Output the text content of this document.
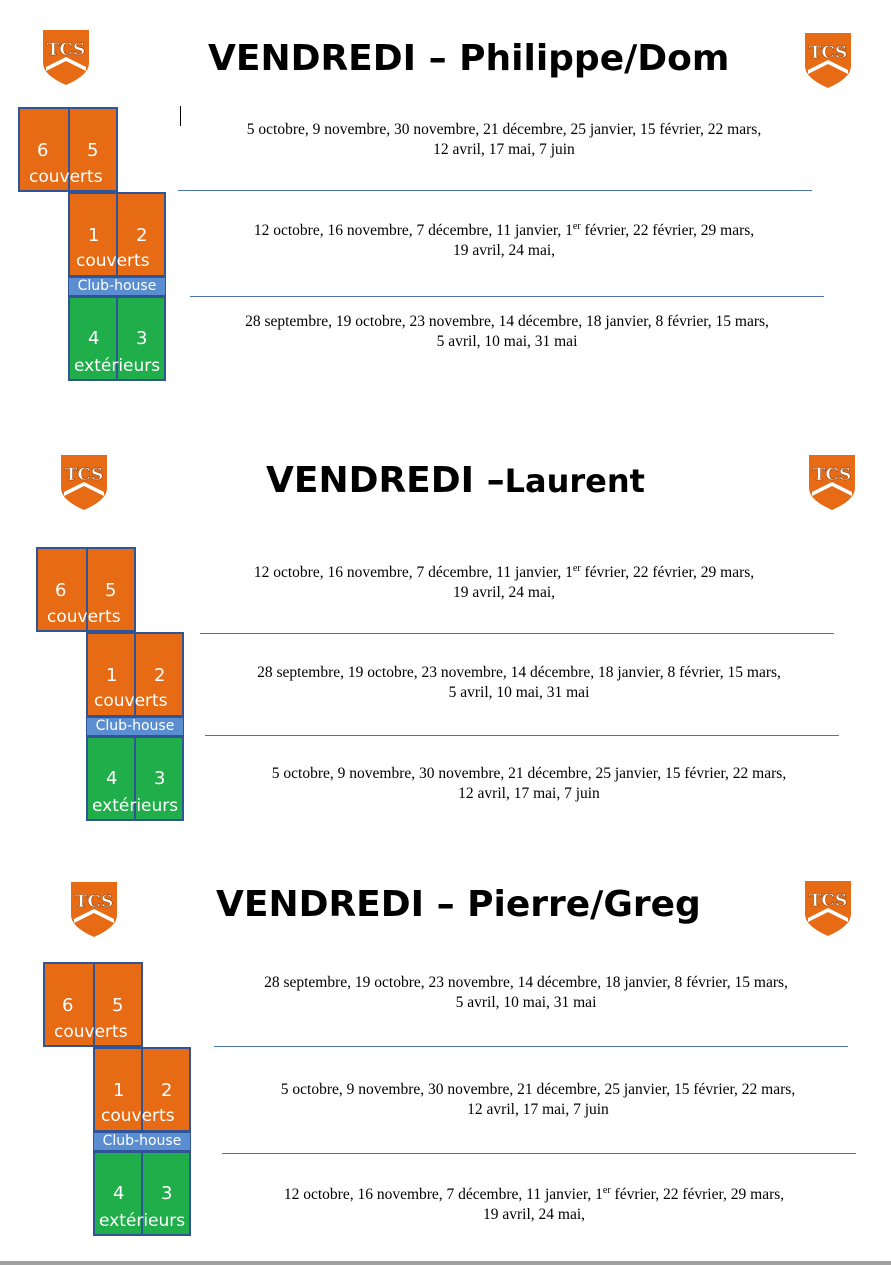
TCS	TCS
VENDREDI – Philippe/Dom
6 5
couverts
1 2
couverts
Club-house
4 3
extérieurs
5 octobre, 9 novembre, 30 novembre, 21 décembre, 25 janvier, 15 février, 22 mars,
12 avril, 17 mai, 7 juin
12 octobre, 16 novembre, 7 décembre, 11 janvier, 1er février, 22 février, 29 mars,
19 avril, 24 mai,
28 septembre, 19 octobre, 23 novembre, 14 décembre, 18 janvier, 8 février, 15 mars,
5 avril, 10 mai, 31 mai
TCS	TCS
VENDREDI –Laurent
6 5
couverts
1 2
couverts
Club-house
4 3
extérieurs
12 octobre, 16 novembre, 7 décembre, 11 janvier, 1er février, 22 février, 29 mars,
19 avril, 24 mai,
28 septembre, 19 octobre, 23 novembre, 14 décembre, 18 janvier, 8 février, 15 mars,
5 avril, 10 mai, 31 mai
5 octobre, 9 novembre, 30 novembre, 21 décembre, 25 janvier, 15 février, 22 mars,
12 avril, 17 mai, 7 juin
TCS	TCS
VENDREDI – Pierre/Greg
6 5
couverts
1 2
couverts
Club-house
4 3
extérieurs
28 septembre, 19 octobre, 23 novembre, 14 décembre, 18 janvier, 8 février, 15 mars,
5 avril, 10 mai, 31 mai
5 octobre, 9 novembre, 30 novembre, 21 décembre, 25 janvier, 15 février, 22 mars,
12 avril, 17 mai, 7 juin
12 octobre, 16 novembre, 7 décembre, 11 janvier, 1er février, 22 février, 29 mars,
19 avril, 24 mai,
